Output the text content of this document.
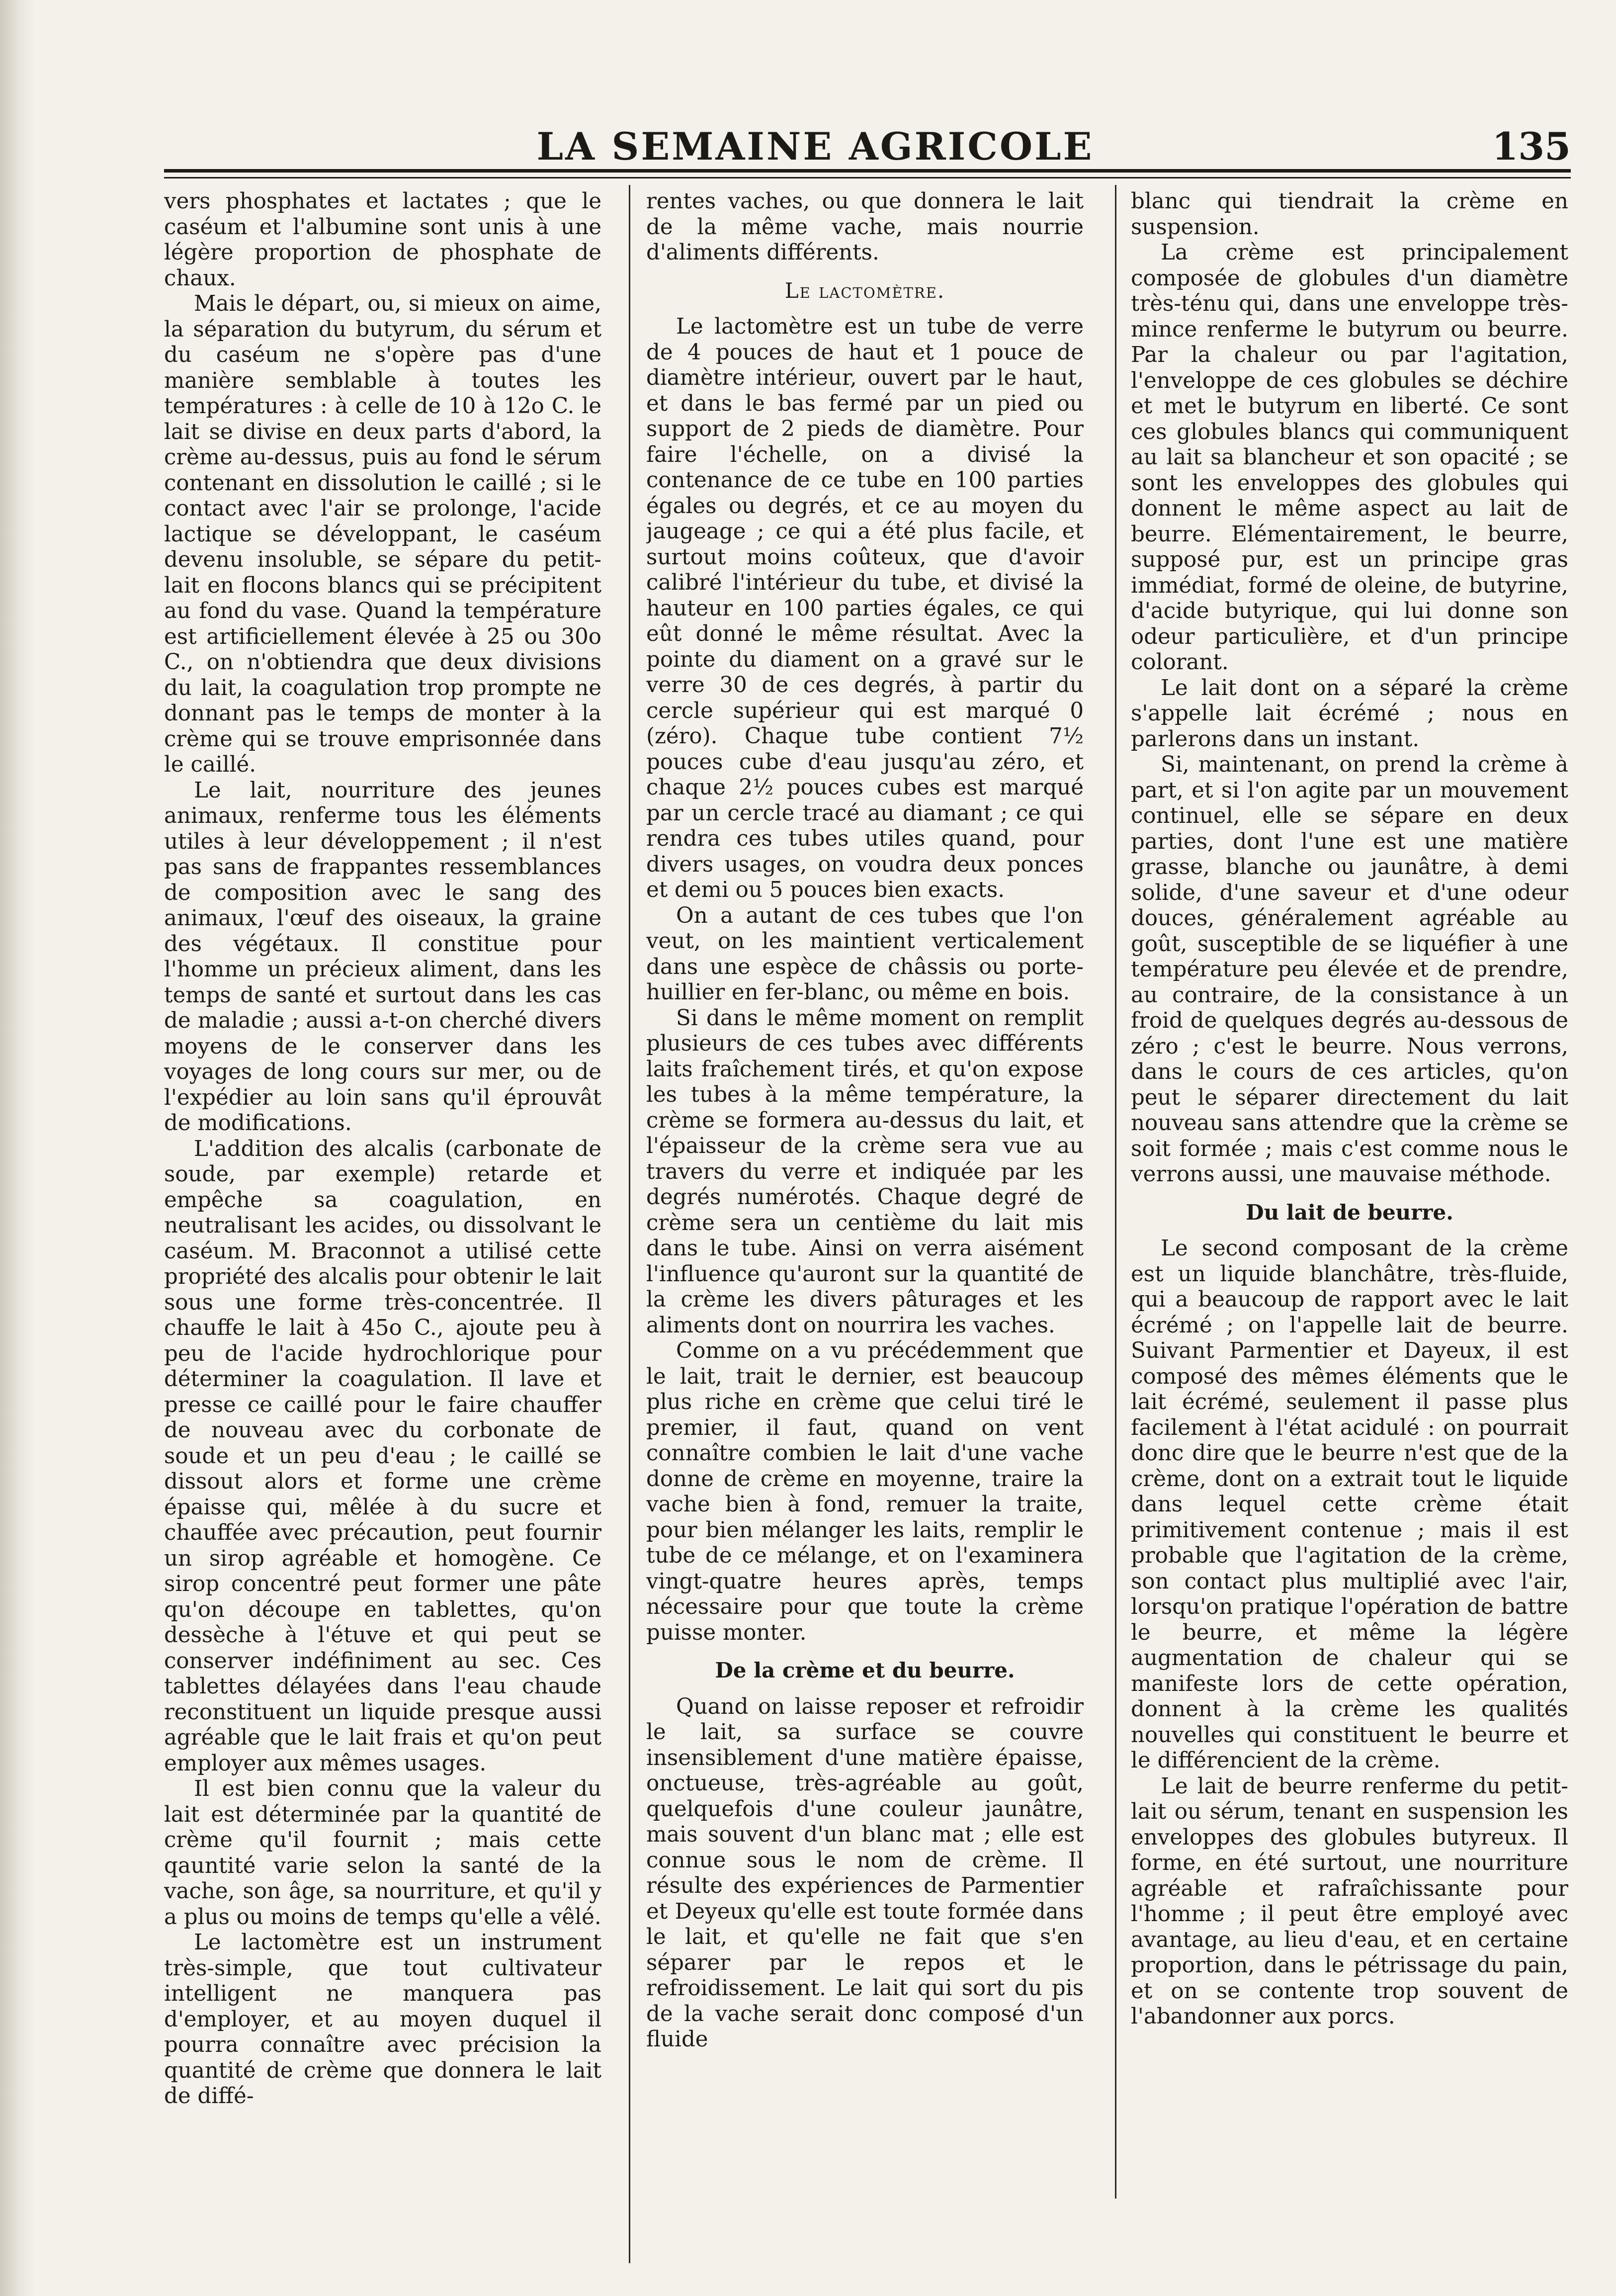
LA SEMAINE AGRICOLE	135

vers phosphates et lactates ; que le caséum et l'albumine sont unis à une légère proportion de phosphate de chaux.

Mais le départ, ou, si mieux on aime, la séparation du butyrum, du sérum et du caséum ne s'opère pas d'une manière semblable à toutes les températures : à celle de 10 à 12o C. le lait se divise en deux parts d'abord, la crème au-dessus, puis au fond le sérum contenant en dissolution le caillé ; si le contact avec l'air se prolonge, l'acide lactique se développant, le caséum devenu insoluble, se sépare du petit-lait en flocons blancs qui se précipitent au fond du vase. Quand la température est artificiellement élevée à 25 ou 30o C., on n'obtiendra que deux divisions du lait, la coagulation trop prompte ne donnant pas le temps de monter à la crème qui se trouve emprisonnée dans le caillé.

Le lait, nourriture des jeunes animaux, renferme tous les éléments utiles à leur développement ; il n'est pas sans de frappantes ressemblances de composition avec le sang des animaux, l'œuf des oiseaux, la graine des végétaux. Il constitue pour l'homme un précieux aliment, dans les temps de santé et surtout dans les cas de maladie ; aussi a-t-on cherché divers moyens de le conserver dans les voyages de long cours sur mer, ou de l'expédier au loin sans qu'il éprouvât de modifications.

L'addition des alcalis (carbonate de soude, par exemple) retarde et empêche sa coagulation, en neutralisant les acides, ou dissolvant le caséum. M. Braconnot a utilisé cette propriété des alcalis pour obtenir le lait sous une forme très-concentrée. Il chauffe le lait à 45o C., ajoute peu à peu de l'acide hydrochlorique pour déterminer la coagulation. Il lave et presse ce caillé pour le faire chauffer de nouveau avec du corbonate de soude et un peu d'eau ; le caillé se dissout alors et forme une crème épaisse qui, mêlée à du sucre et chauffée avec précaution, peut fournir un sirop agréable et homogène. Ce sirop concentré peut former une pâte qu'on découpe en tablettes, qu'on dessèche à l'étuve et qui peut se conserver indéfiniment au sec. Ces tablettes délayées dans l'eau chaude reconstituent un liquide presque aussi agréable que le lait frais et qu'on peut employer aux mêmes usages.

Il est bien connu que la valeur du lait est déterminée par la quantité de crème qu'il fournit ; mais cette qauntité varie selon la santé de la vache, son âge, sa nourriture, et qu'il y a plus ou moins de temps qu'elle a vêlé.

Le lactomètre est un instrument très-simple, que tout cultivateur intelligent ne manquera pas d'employer, et au moyen duquel il pourra connaître avec précision la quantité de crème que donnera le lait de diffé-

rentes vaches, ou que donnera le lait de la même vache, mais nourrie d'aliments différents.

Le lactomètre.

Le lactomètre est un tube de verre de 4 pouces de haut et 1 pouce de diamètre intérieur, ouvert par le haut, et dans le bas fermé par un pied ou support de 2 pieds de diamètre. Pour faire l'échelle, on a divisé la contenance de ce tube en 100 parties égales ou degrés, et ce au moyen du jaugeage ; ce qui a été plus facile, et surtout moins coûteux, que d'avoir calibré l'intérieur du tube, et divisé la hauteur en 100 parties égales, ce qui eût donné le même résultat. Avec la pointe du diament on a gravé sur le verre 30 de ces degrés, à partir du cercle supérieur qui est marqué 0 (zéro). Chaque tube contient 7½ pouces cube d'eau jusqu'au zéro, et chaque 2½ pouces cubes est marqué par un cercle tracé au diamant ; ce qui rendra ces tubes utiles quand, pour divers usages, on voudra deux ponces et demi ou 5 pouces bien exacts.

On a autant de ces tubes que l'on veut, on les maintient verticalement dans une espèce de châssis ou porte-huillier en fer-blanc, ou même en bois.

Si dans le même moment on remplit plusieurs de ces tubes avec différents laits fraîchement tirés, et qu'on expose les tubes à la même température, la crème se formera au-dessus du lait, et l'épaisseur de la crème sera vue au travers du verre et indiquée par les degrés numérotés. Chaque degré de crème sera un centième du lait mis dans le tube. Ainsi on verra aisément l'influence qu'auront sur la quantité de la crème les divers pâturages et les aliments dont on nourrira les vaches.

Comme on a vu précédemment que le lait, trait le dernier, est beaucoup plus riche en crème que celui tiré le premier, il faut, quand on vent connaître combien le lait d'une vache donne de crème en moyenne, traire la vache bien à fond, remuer la traite, pour bien mélanger les laits, remplir le tube de ce mélange, et on l'examinera vingt-quatre heures après, temps nécessaire pour que toute la crème puisse monter.

De la crème et du beurre.

Quand on laisse reposer et refroidir le lait, sa surface se couvre insensiblement d'une matière épaisse, onctueuse, très-agréable au goût, quelquefois d'une couleur jaunâtre, mais souvent d'un blanc mat ; elle est connue sous le nom de crème. Il résulte des expériences de Parmentier et Deyeux qu'elle est toute formée dans le lait, et qu'elle ne fait que s'en séparer par le repos et le refroidissement. Le lait qui sort du pis de la vache serait donc composé d'un fluide

blanc qui tiendrait la crème en suspension.

La crème est principalement composée de globules d'un diamètre très-ténu qui, dans une enveloppe très-mince renferme le butyrum ou beurre. Par la chaleur ou par l'agitation, l'enveloppe de ces globules se déchire et met le butyrum en liberté. Ce sont ces globules blancs qui communiquent au lait sa blancheur et son opacité ; se sont les enveloppes des globules qui donnent le même aspect au lait de beurre. Elémentairement, le beurre, supposé pur, est un principe gras immédiat, formé de oleine, de butyrine, d'acide butyrique, qui lui donne son odeur particulière, et d'un principe colorant.

Le lait dont on a séparé la crème s'appelle lait écrémé ; nous en parlerons dans un instant.

Si, maintenant, on prend la crème à part, et si l'on agite par un mouvement continuel, elle se sépare en deux parties, dont l'une est une matière grasse, blanche ou jaunâtre, à demi solide, d'une saveur et d'une odeur douces, généralement agréable au goût, susceptible de se liquéfier à une température peu élevée et de prendre, au contraire, de la consistance à un froid de quelques degrés au-dessous de zéro ; c'est le beurre. Nous verrons, dans le cours de ces articles, qu'on peut le séparer directement du lait nouveau sans attendre que la crème se soit formée ; mais c'est comme nous le verrons aussi, une mauvaise méthode.

Du lait de beurre.

Le second composant de la crème est un liquide blanchâtre, très-fluide, qui a beaucoup de rapport avec le lait écrémé ; on l'appelle lait de beurre. Suivant Parmentier et Dayeux, il est composé des mêmes éléments que le lait écrémé, seulement il passe plus facilement à l'état acidulé : on pourrait donc dire que le beurre n'est que de la crème, dont on a extrait tout le liquide dans lequel cette crème était primitivement contenue ; mais il est probable que l'agitation de la crème, son contact plus multiplié avec l'air, lorsqu'on pratique l'opération de battre le beurre, et même la légère augmentation de chaleur qui se manifeste lors de cette opération, donnent à la crème les qualités nouvelles qui constituent le beurre et le différencient de la crème.

Le lait de beurre renferme du petit-lait ou sérum, tenant en suspension les enveloppes des globules butyreux. Il forme, en été surtout, une nourriture agréable et rafraîchissante pour l'homme ; il peut être employé avec avantage, au lieu d'eau, et en certaine proportion, dans le pétrissage du pain, et on se contente trop souvent de l'abandonner aux porcs.
